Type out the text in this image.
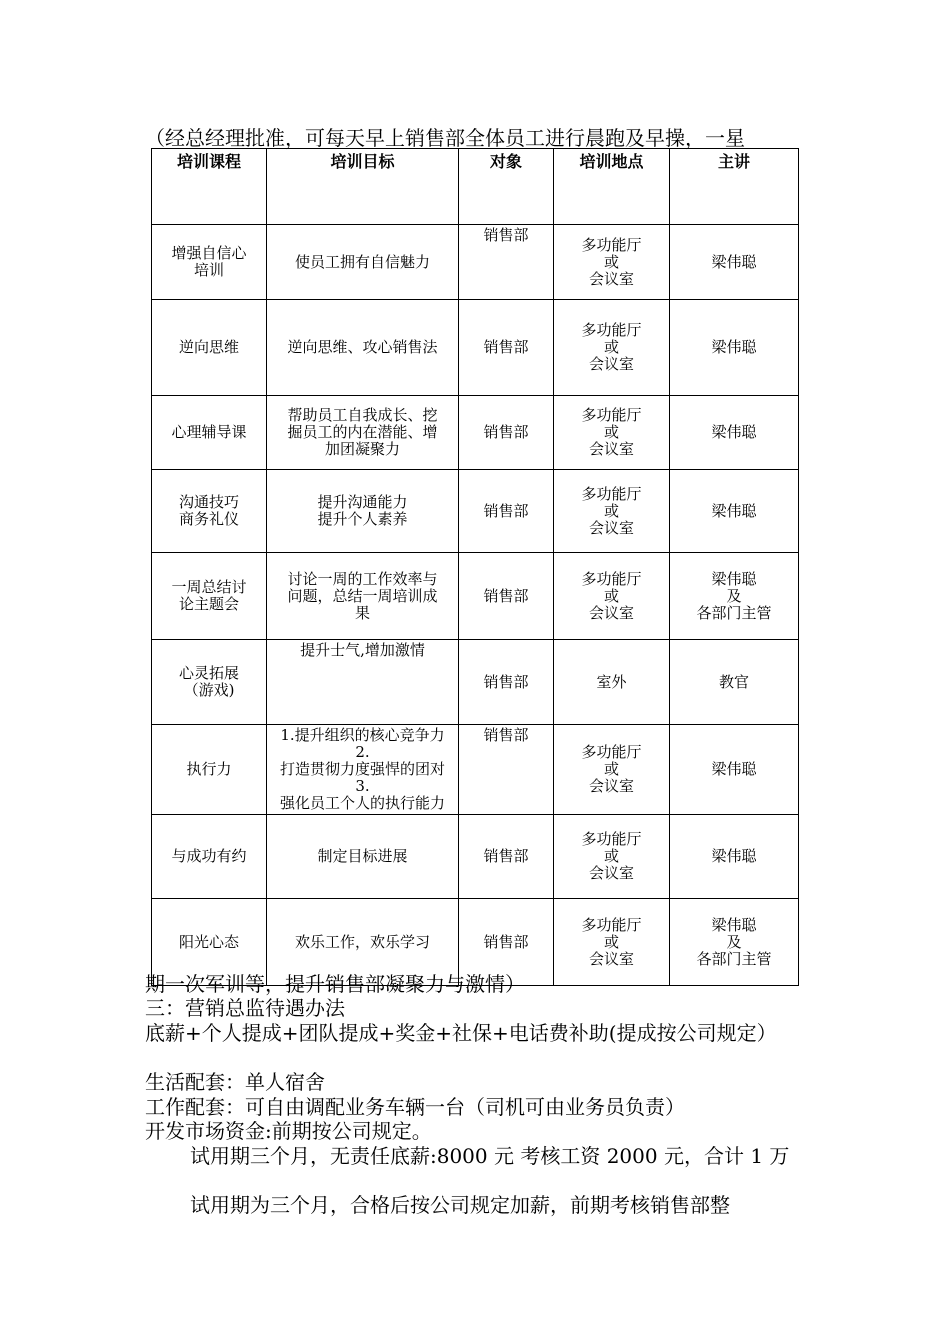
（经总经理批准，可每天早上销售部全体员工进行晨跑及早操，一星
培训课程	培训目标	对象	培训地点	主讲

增强自信心
培训	使员工拥有自信魅力	销售部	多功能厅
或
会议室	梁伟聪

逆向思维	逆向思维、攻心销售法	销售部	多功能厅
或
会议室	梁伟聪

心理辅导课	帮助员工自我成长、挖
掘员工的内在潜能、增
加团凝聚力	销售部	多功能厅
或
会议室	梁伟聪

沟通技巧
商务礼仪	提升沟通能力
提升个人素养	销售部	多功能厅
或
会议室	梁伟聪

一周总结讨
论主题会	讨论一周的工作效率与
问题，总结一周培训成
果	销售部	多功能厅
或
会议室	梁伟聪
及
各部门主管

心灵拓展
（游戏)	提升士气,增加激情	销售部	室外	教官

执行力	1.提升组织的核心竞争力 2.
打造贯彻力度强悍的团对 3.
强化员工个人的执行能力	销售部	多功能厅
或
会议室	梁伟聪

与成功有约	制定目标进展	销售部	多功能厅
或
会议室	梁伟聪

阳光心态	欢乐工作，欢乐学习	销售部	多功能厅
或
会议室	梁伟聪
及
各部门主管
期一次军训等，提升销售部凝聚力与激情）
三：营销总监待遇办法
底薪+个人提成+团队提成+奖金+社保+电话费补助(提成按公司规定）
生活配套：单人宿舍
工作配套：可自由调配业务车辆一台（司机可由业务员负责）
开发市场资金:前期按公司规定。
试用期三个月，无责任底薪:8000 元 考核工资 2000 元，合计 1 万
试用期为三个月，合格后按公司规定加薪，前期考核销售部整
